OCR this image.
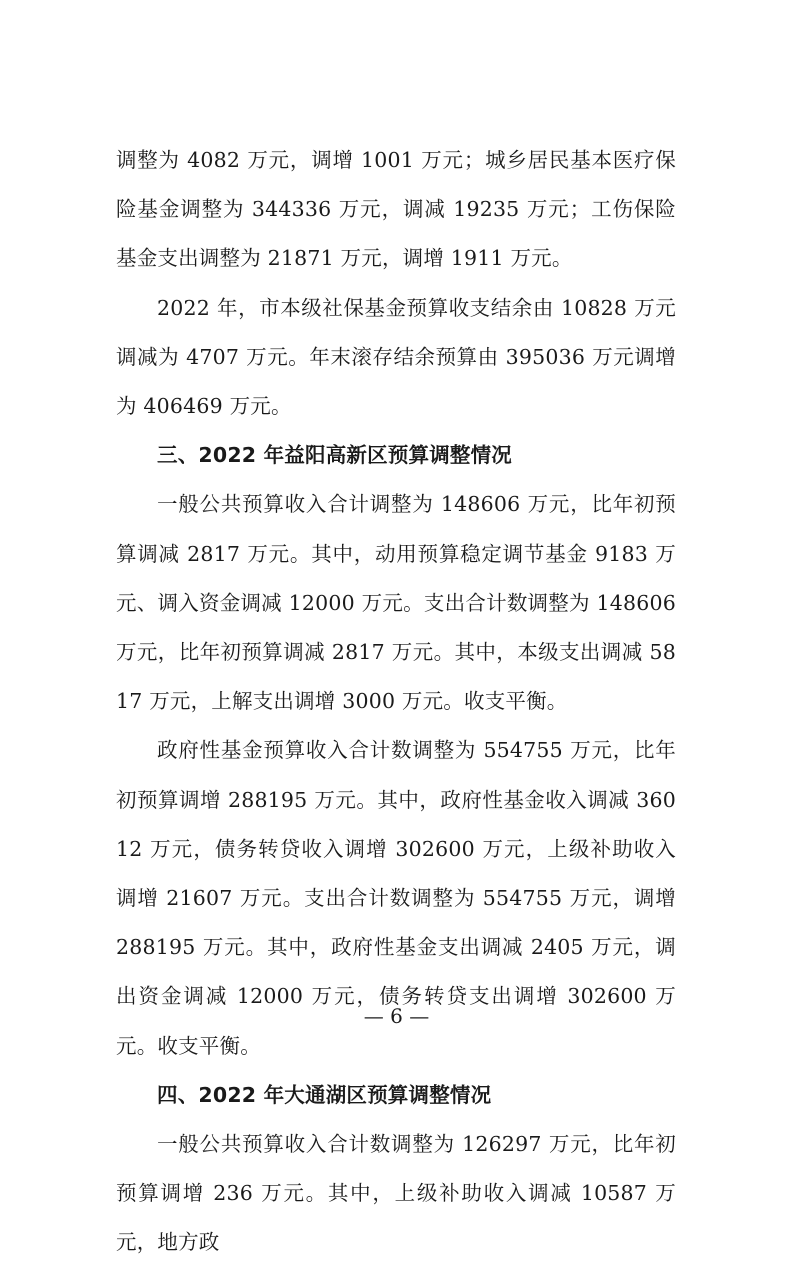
调整为 4082 万元，调增 1001 万元；城乡居民基本医疗保险基金调整为 344336 万元，调减 19235 万元；工伤保险基金支出调整为 21871 万元，调增 1911 万元。

2022 年，市本级社保基金预算收支结余由 10828 万元调减为 4707 万元。年末滚存结余预算由 395036 万元调增为 406469 万元。

三、2022 年益阳高新区预算调整情况

一般公共预算收入合计调整为 148606 万元，比年初预算调减 2817 万元。其中，动用预算稳定调节基金 9183 万元、调入资金调减 12000 万元。支出合计数调整为 148606 万元，比年初预算调减 2817 万元。其中，本级支出调减 5817 万元，上解支出调增 3000 万元。收支平衡。

政府性基金预算收入合计数调整为 554755 万元，比年初预算调增 288195 万元。其中，政府性基金收入调减 36012 万元，债务转贷收入调增 302600 万元，上级补助收入调增 21607 万元。支出合计数调整为 554755 万元，调增 288195 万元。其中，政府性基金支出调减 2405 万元，调出资金调减 12000 万元，债务转贷支出调增 302600 万元。收支平衡。

四、2022 年大通湖区预算调整情况

一般公共预算收入合计数调整为 126297 万元，比年初预算调增 236 万元。其中，上级补助收入调减 10587 万元，地方政

— 6 —
